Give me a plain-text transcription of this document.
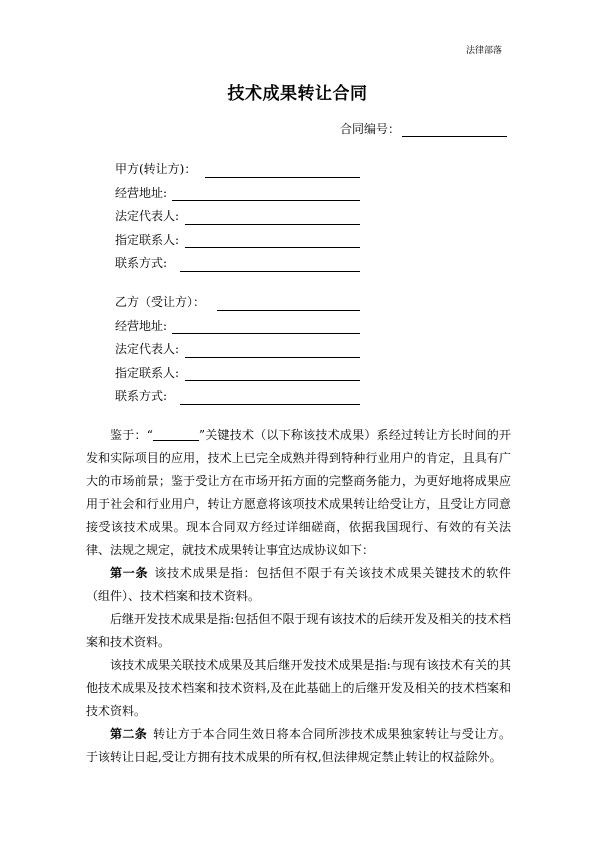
法律部落
技术成果转让合同
合同编号：
甲方(转让方)：
经营地址:
法定代表人:
指定联系人:
联系方式:
乙方（受让方）：
经营地址:
法定代表人:
指定联系人:
联系方式:

鉴于：“	”关键技术（以下称该技术成果）系经过转让方长时间的开发和实际项目的应用，技术上已完全成熟并得到特种行业用户的肯定，且具有广大的市场前景；鉴于受让方在市场开拓方面的完整商务能力，为更好地将成果应用于社会和行业用户，转让方愿意将该项技术成果转让给受让方，且受让方同意接受该技术成果。现本合同双方经过详细磋商，依据我国现行、有效的有关法律、法规之规定，就技术成果转让事宜达成协议如下：

第一条 该技术成果是指：包括但不限于有关该技术成果关键技术的软件（组件）、技术档案和技术资料。

后继开发技术成果是指:包括但不限于现有该技术的后续开发及相关的技术档案和技术资料。

该技术成果关联技术成果及其后继开发技术成果是指:与现有该技术有关的其他技术成果及技术档案和技术资料,及在此基础上的后继开发及相关的技术档案和技术资料。

第二条 转让方于本合同生效日将本合同所涉技术成果独家转让与受让方。于该转让日起,受让方拥有技术成果的所有权,但法律规定禁止转让的权益除外。
